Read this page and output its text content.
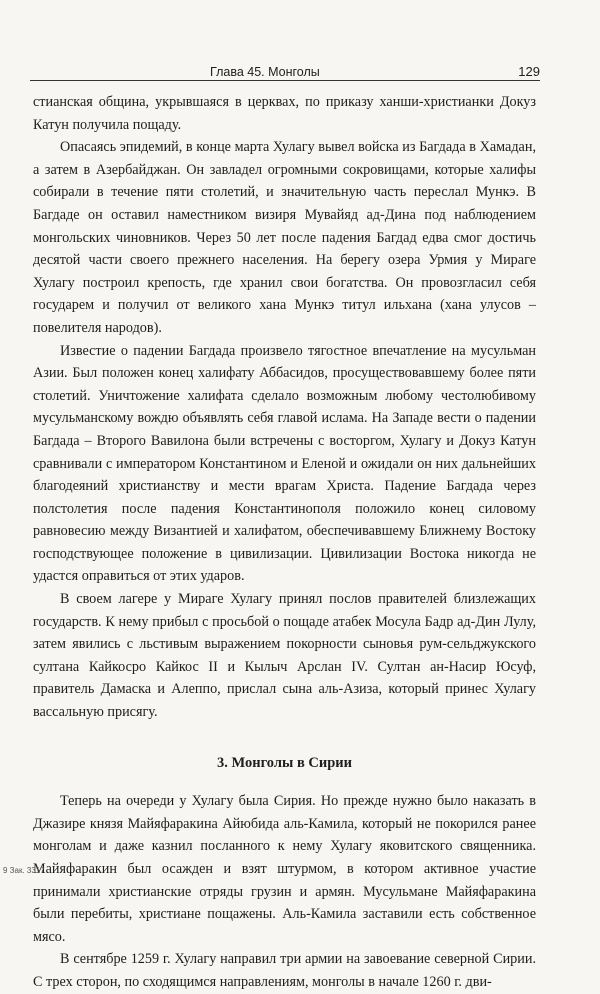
Глава 45. Монголы	129

стианская община, укрывшаяся в церквах, по приказу ханши-христианки Докуз Катун получила пощаду.

Опасаясь эпидемий, в конце марта Хулагу вывел войска из Багдада в Хамадан, а затем в Азербайджан. Он завладел огромными сокровищами, которые халифы собирали в течение пяти столетий, и значительную часть переслал Мункэ. В Багдаде он оставил наместником визиря Мувайяд ад-Дина под наблюдением монгольских чиновников. Через 50 лет после падения Багдад едва смог достичь десятой части своего прежнего населения. На берегу озера Урмия у Мираге Хулагу построил крепость, где хранил свои богатства. Он провозгласил себя государем и получил от великого хана Мункэ титул ильхана (хана улусов – повелителя народов).

Известие о падении Багдада произвело тягостное впечатление на мусульман Азии. Был положен конец халифату Аббасидов, просуществовавшему более пяти столетий. Уничтожение халифата сделало возможным любому честолюбивому мусульманскому вождю объявлять себя главой ислама. На Западе вести о падении Багдада – Второго Вавилона были встречены с восторгом, Хулагу и Докуз Катун сравнивали с императором Константином и Еленой и ожидали он них дальнейших благодеяний христианству и мести врагам Христа. Падение Багдада через полстолетия после падения Константинополя положило конец силовому равновесию между Византией и халифатом, обеспечивавшему Ближнему Востоку господствующее положение в цивилизации. Цивилизации Востока никогда не удастся оправиться от этих ударов.

В своем лагере у Мираге Хулагу принял послов правителей близлежащих государств. К нему прибыл с просьбой о пощаде атабек Мосула Бадр ад-Дин Лулу, затем явились с льстивым выражением покорности сыновья рум-сельджукского султана Кайкосро Кайкос II и Кылыч Арслан IV. Султан ан-Насир Юсуф, правитель Дамаска и Алеппо, прислал сына аль-Азиза, который принес Хулагу вассальную присягу.

3. Монголы в Сирии

Теперь на очереди у Хулагу была Сирия. Но прежде нужно было наказать в Джазире князя Майяфаракина Айюбида аль-Камила, который не покорился ранее монголам и даже казнил посланного к нему Хулагу яковитского священника. Майяфаракин был осажден и взят штурмом, в котором активное участие принимали христианские отряды грузин и армян. Мусульмане Майяфаракина были перебиты, христиане пощажены. Аль-Камила заставили есть собственное мясо.

В сентябре 1259 г. Хулагу направил три армии на завоевание северной Сирии. С трех сторон, по сходящимся направлениям, монголы в начале 1260 г. дви-

9 Зак. 3317
